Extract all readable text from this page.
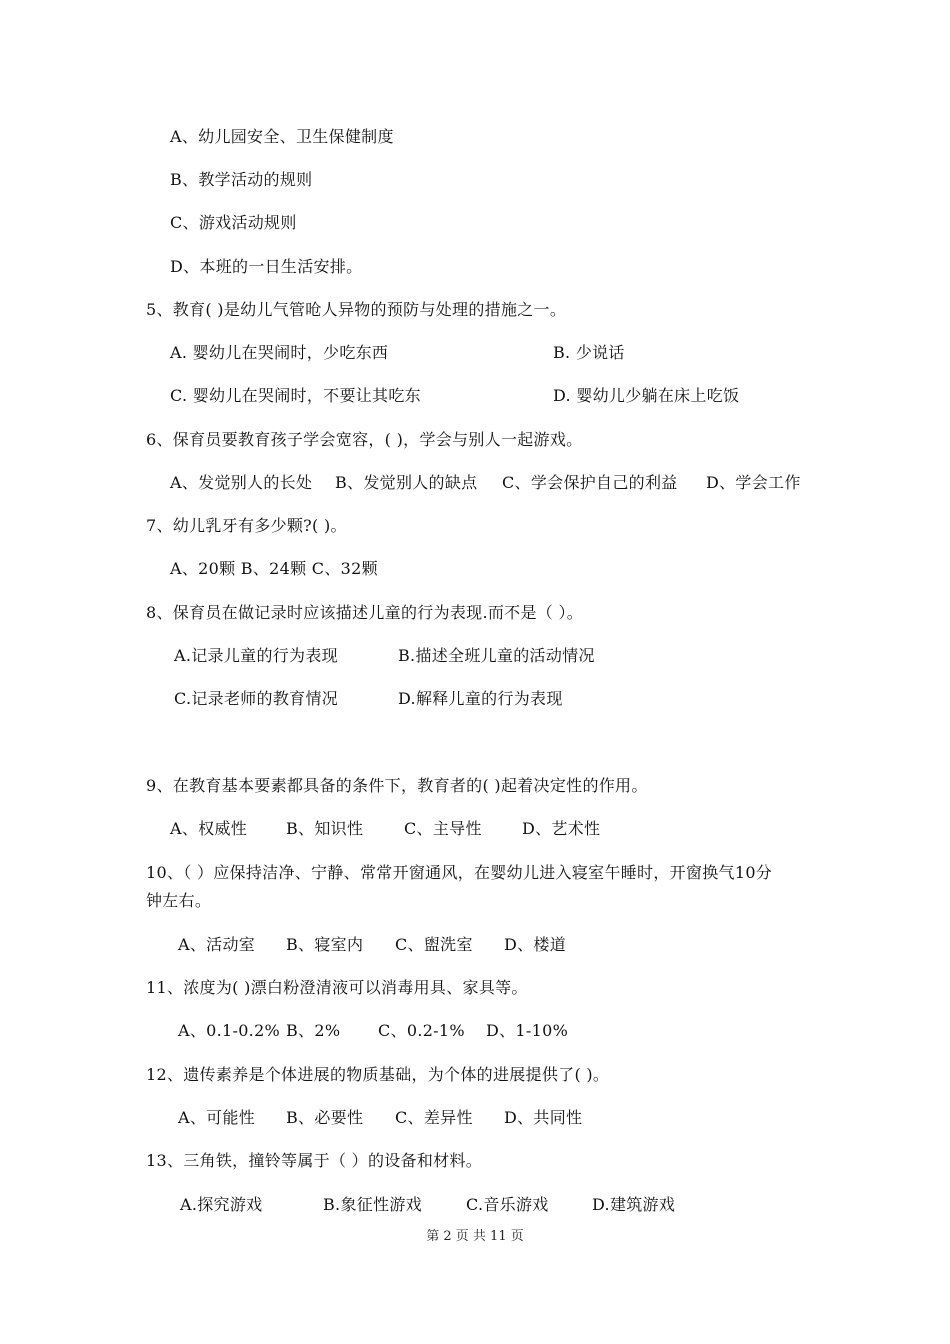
A、幼儿园安全、卫生保健制度
B、教学活动的规则
C、游戏活动规则
D、本班的一日生活安排。
5、教育( )是幼儿气管呛人异物的预防与处理的措施之一。
A. 婴幼儿在哭闹时，少吃东西	B. 少说话
C. 婴幼儿在哭闹时，不要让其吃东	D. 婴幼儿少躺在床上吃饭
6、保育员要教育孩子学会宽容，( )，学会与别人一起游戏。
A、发觉别人的长处 B、发觉别人的缺点 C、学会保护自己的利益 D、学会工作
7、幼儿乳牙有多少颗?( )。
A、20颗 B、24颗 C、32颗
8、保育员在做记录时应该描述儿童的行为表现.而不是（ ）。
A.记录儿童的行为表现	B.描述全班儿童的活动情况
C.记录老师的教育情况	D.解释儿童的行为表现
9、在教育基本要素都具备的条件下，教育者的( )起着决定性的作用。
A、权威性 B、知识性	C、主导性	D、艺术性
10、（ ）应保持洁净、宁静、常常开窗通风，在婴幼儿进入寝室午睡时，开窗换气10分
钟左右。
A、活动室 B、寝室内 C、盥洗室 D、楼道
11、浓度为( )漂白粉澄清液可以消毒用具、家具等。
A、0.1-0.2% B、2% C、0.2-1% D、1-10%
12、遗传素养是个体进展的物质基础，为个体的进展提供了( )。
A、可能性 B、必要性 C、差异性 D、共同性
13、三角铁，撞铃等属于（ ）的设备和材料。
A.探究游戏	B.象征性游戏	C.音乐游戏	D.建筑游戏
第 2 页 共 11 页
